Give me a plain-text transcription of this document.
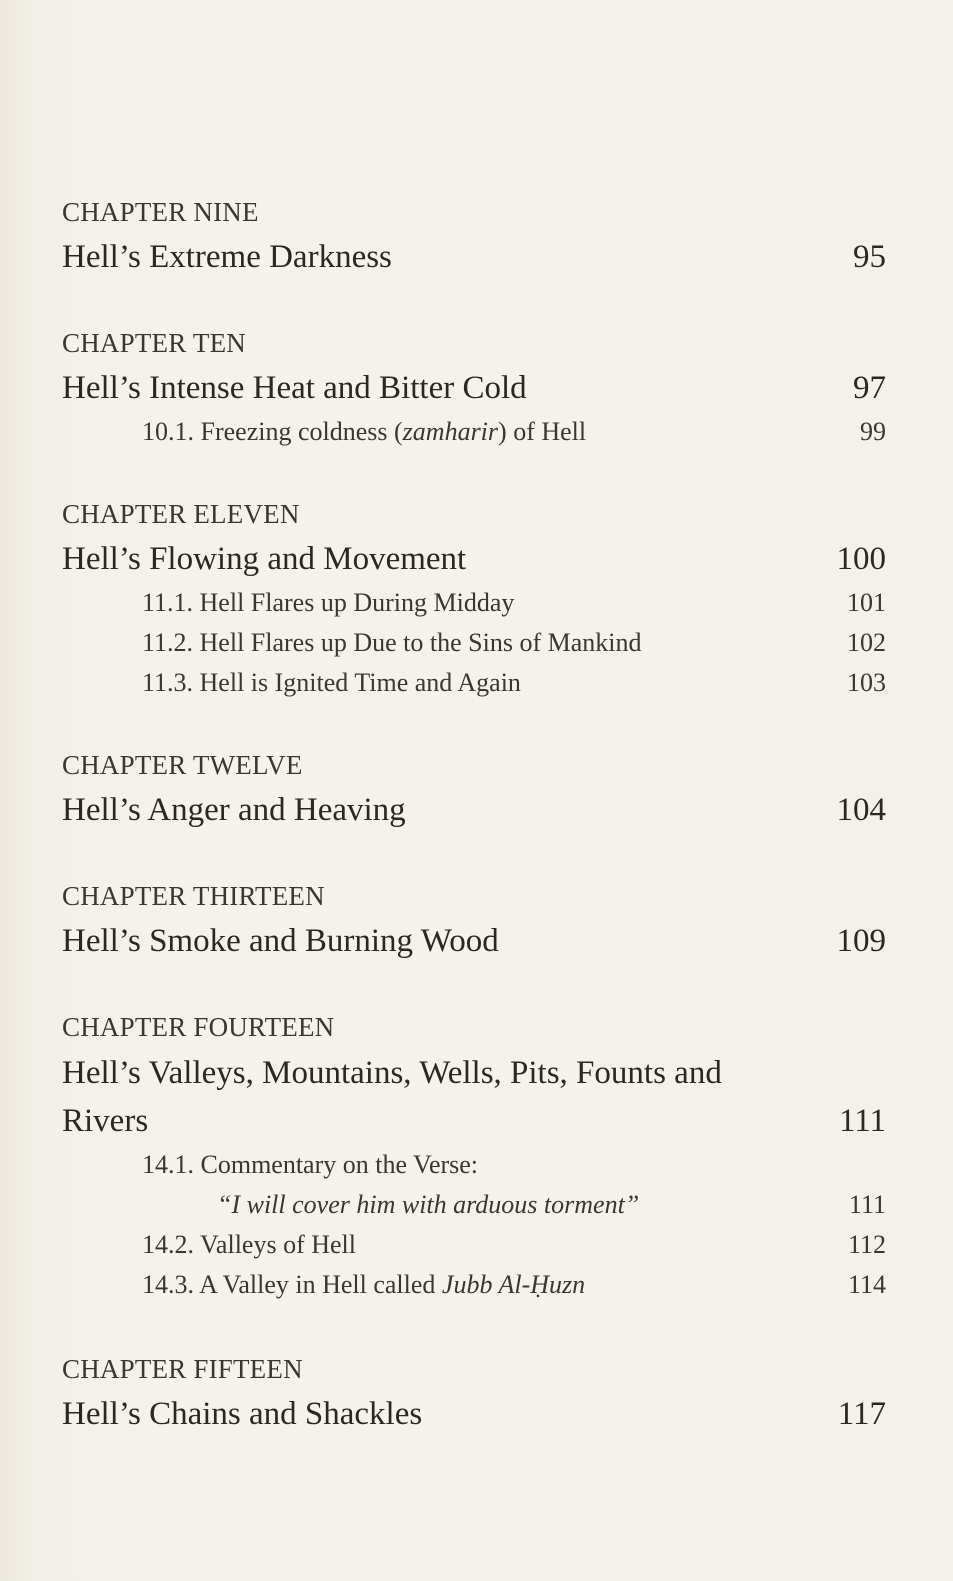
CHAPTER NINE
Hell’s Extreme Darkness	95
CHAPTER TEN
Hell’s Intense Heat and Bitter Cold	97
10.1. Freezing coldness (zamharir) of Hell	99
CHAPTER ELEVEN
Hell’s Flowing and Movement	100
11.1. Hell Flares up During Midday	101
11.2. Hell Flares up Due to the Sins of Mankind	102
11.3. Hell is Ignited Time and Again	103
CHAPTER TWELVE
Hell’s Anger and Heaving	104
CHAPTER THIRTEEN
Hell’s Smoke and Burning Wood	109
CHAPTER FOURTEEN
Hell’s Valleys, Mountains, Wells, Pits, Founts and
Rivers	111
14.1. Commentary on the Verse:
“I will cover him with arduous torment”	111
14.2. Valleys of Hell	112
14.3. A Valley in Hell called Jubb Al-Ḥuzn	114
CHAPTER FIFTEEN
Hell’s Chains and Shackles	117
